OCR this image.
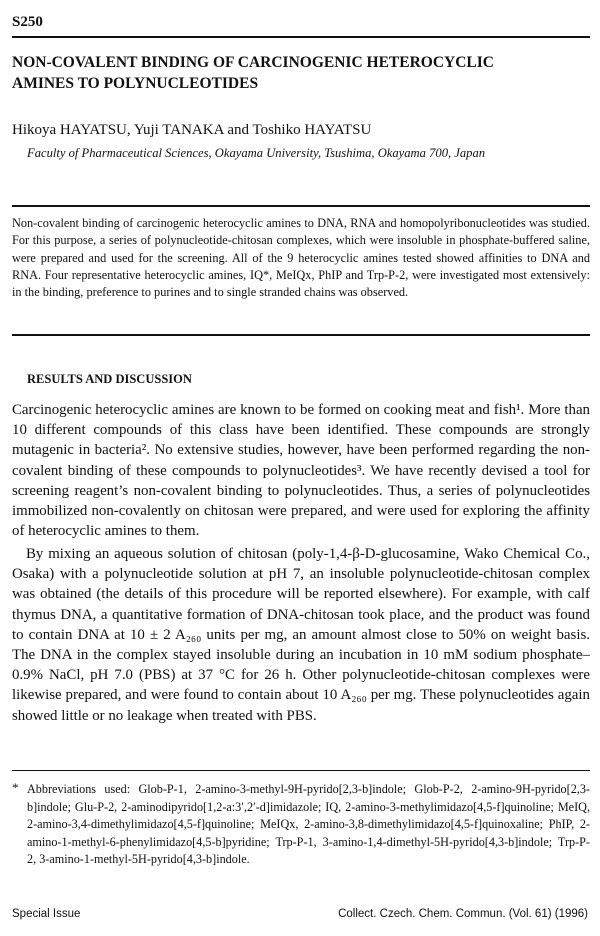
S250
NON-COVALENT BINDING OF CARCINOGENIC HETEROCYCLIC AMINES TO POLYNUCLEOTIDES
Hikoya HAYATSU, Yuji TANAKA and Toshiko HAYATSU
Faculty of Pharmaceutical Sciences, Okayama University, Tsushima, Okayama 700, Japan
Non-covalent binding of carcinogenic heterocyclic amines to DNA, RNA and homopolyribonucleotides was studied. For this purpose, a series of polynucleotide-chitosan complexes, which were insoluble in phosphate-buffered saline, were prepared and used for the screening. All of the 9 heterocyclic amines tested showed affinities to DNA and RNA. Four representative heterocyclic amines, IQ*, MeIQx, PhIP and Trp-P-2, were investigated most extensively: in the binding, preference to purines and to single stranded chains was observed.
RESULTS AND DISCUSSION
Carcinogenic heterocyclic amines are known to be formed on cooking meat and fish¹. More than 10 different compounds of this class have been identified. These compounds are strongly mutagenic in bacteria². No extensive studies, however, have been performed regarding the non-covalent binding of these compounds to polynucleotides³. We have recently devised a tool for screening reagent’s non-covalent binding to polynucleotides. Thus, a series of polynucleotides immobilized non-covalently on chitosan were prepared, and were used for exploring the affinity of heterocyclic amines to them.
By mixing an aqueous solution of chitosan (poly-1,4-β-D-glucosamine, Wako Chemical Co., Osaka) with a polynucleotide solution at pH 7, an insoluble polynucleotide-chitosan complex was obtained (the details of this procedure will be reported elsewhere). For example, with calf thymus DNA, a quantitative formation of DNA-chitosan took place, and the product was found to contain DNA at 10 ± 2 A₂₆₀ units per mg, an amount almost close to 50% on weight basis. The DNA in the complex stayed insoluble during an incubation in 10 mM sodium phosphate–0.9% NaCl, pH 7.0 (PBS) at 37 °C for 26 h. Other polynucleotide-chitosan complexes were likewise prepared, and were found to contain about 10 A₂₆₀ per mg. These polynucleotides again showed little or no leakage when treated with PBS.
* Abbreviations used: Glob-P-1, 2-amino-3-methyl-9H-pyrido[2,3-b]indole; Glob-P-2, 2-amino-9H-pyrido[2,3-b]indole; Glu-P-2, 2-aminodipyrido[1,2-a:3′,2′-d]imidazole; IQ, 2-amino-3-methylimidazo[4,5-f]quinoline; MeIQ, 2-amino-3,4-dimethylimidazo[4,5-f]quinoline; MeIQx, 2-amino-3,8-dimethylimidazo[4,5-f]quinoxaline; PhIP, 2-amino-1-methyl-6-phenylimidazo[4,5-b]pyridine; Trp-P-1, 3-amino-1,4-dimethyl-5H-pyrido[4,3-b]indole; Trp-P-2, 3-amino-1-methyl-5H-pyrido[4,3-b]indole.
Special Issue	Collect. Czech. Chem. Commun. (Vol. 61) (1996)
